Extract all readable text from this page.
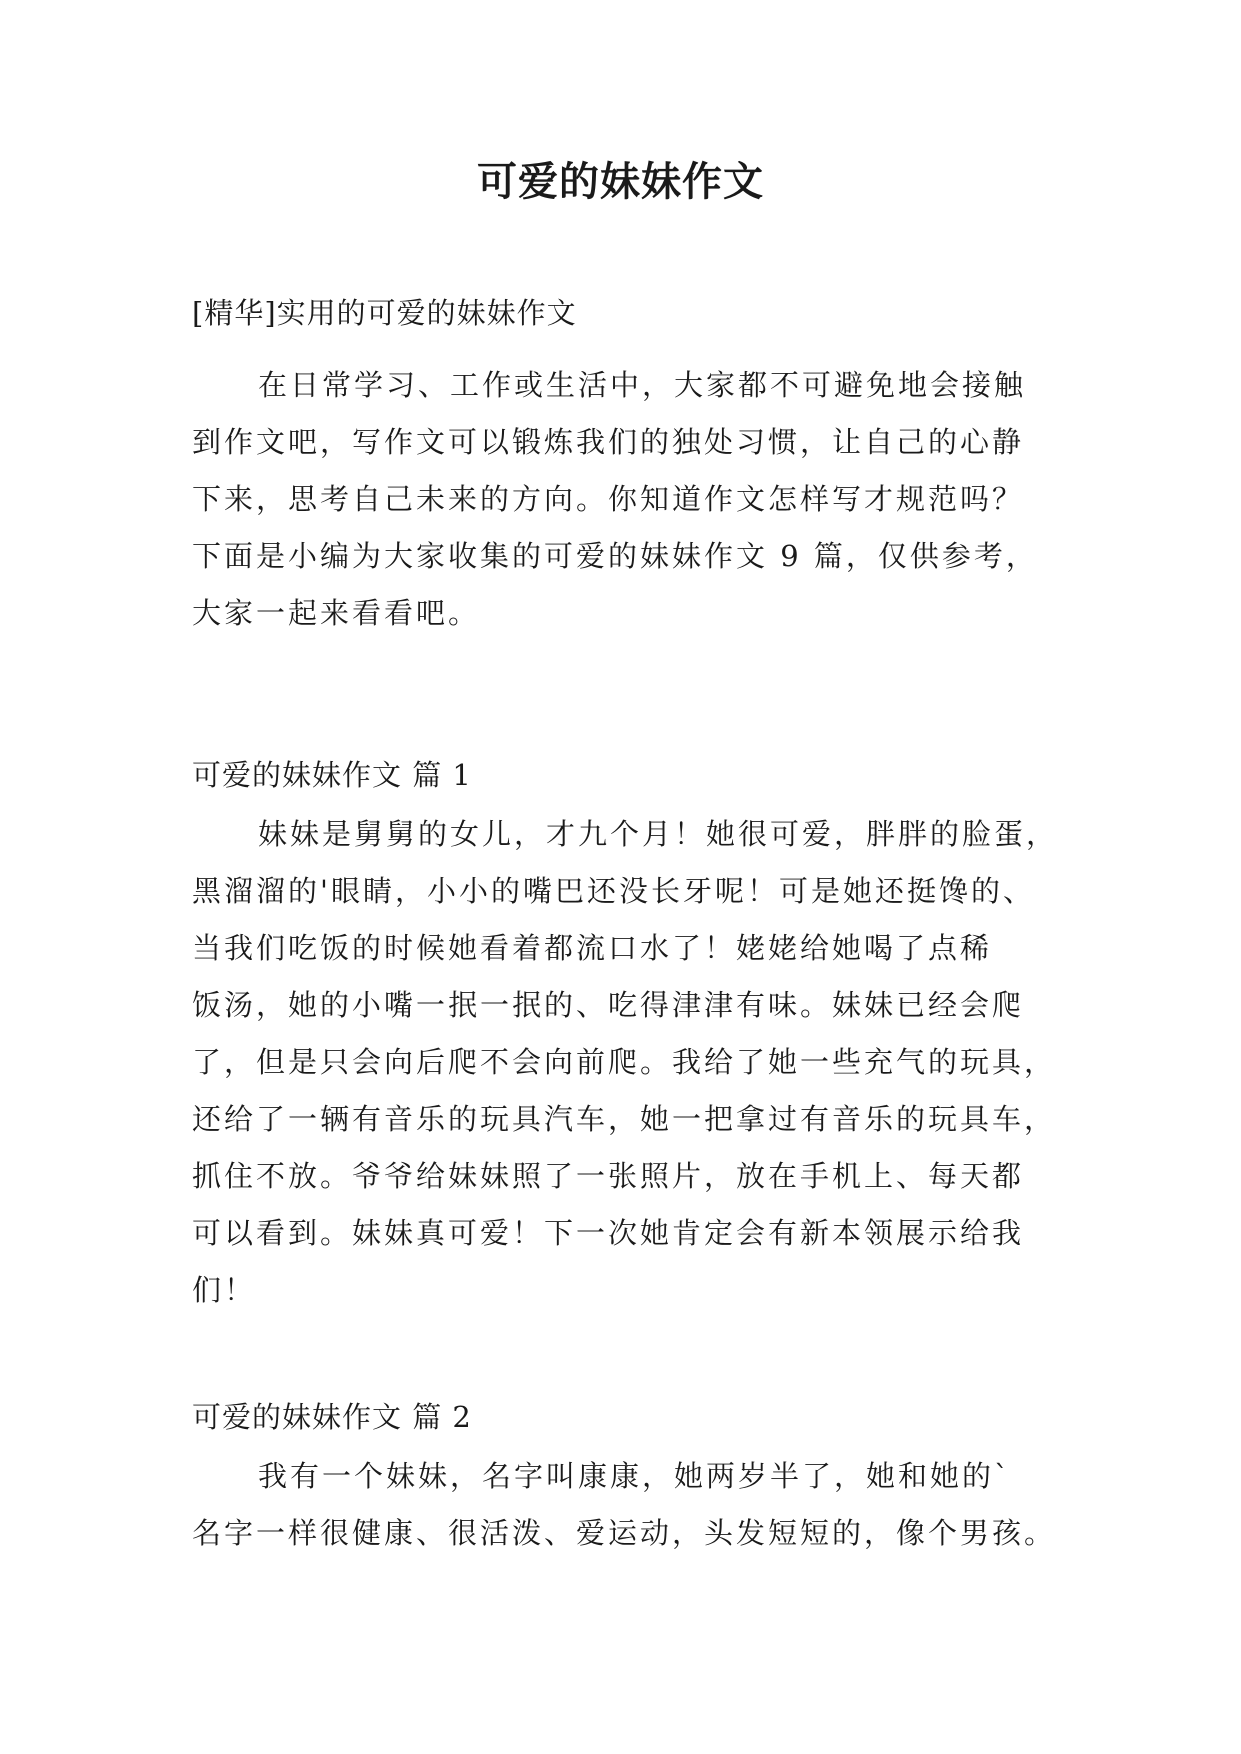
可爱的妹妹作文
[精华]实用的可爱的妹妹作文
在日常学习、工作或生活中，大家都不可避免地会接触
到作文吧，写作文可以锻炼我们的独处习惯，让自己的心静
下来，思考自己未来的方向。你知道作文怎样写才规范吗？
下面是小编为大家收集的可爱的妹妹作文 9 篇，仅供参考，
大家一起来看看吧。
可爱的妹妹作文 篇 1
妹妹是舅舅的女儿，才九个月！她很可爱，胖胖的脸蛋，
黑溜溜的'眼睛，小小的嘴巴还没长牙呢！可是她还挺馋的、
当我们吃饭的时候她看着都流口水了！姥姥给她喝了点稀
饭汤，她的小嘴一抿一抿的、吃得津津有味。妹妹已经会爬
了，但是只会向后爬不会向前爬。我给了她一些充气的玩具，
还给了一辆有音乐的玩具汽车，她一把拿过有音乐的玩具车，
抓住不放。爷爷给妹妹照了一张照片，放在手机上、每天都
可以看到。妹妹真可爱！下一次她肯定会有新本领展示给我
们！
可爱的妹妹作文 篇 2
我有一个妹妹，名字叫康康，她两岁半了，她和她的`
名字一样很健康、很活泼、爱运动，头发短短的，像个男孩。
